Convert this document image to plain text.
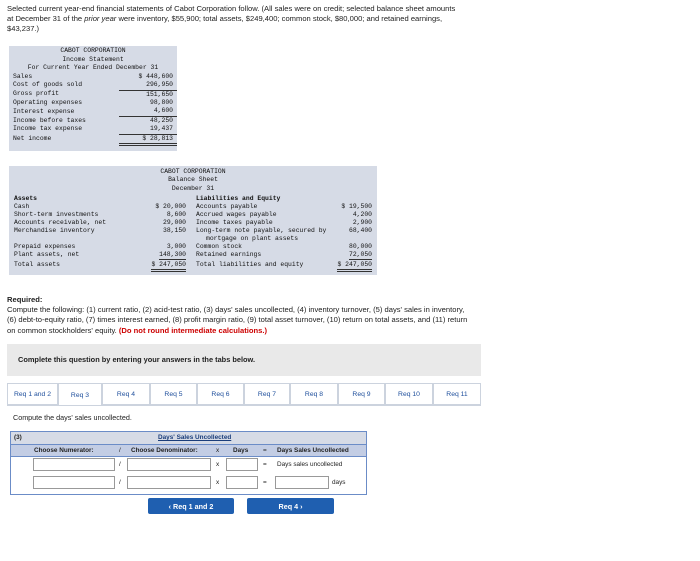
Selected current year-end financial statements of Cabot Corporation follow. (All sales were on credit; selected balance sheet amounts
at December 31 of the prior year were inventory, $55,900; total assets, $249,400; common stock, $80,000; and retained earnings,
$43,237.)
CABOT CORPORATION
Income Statement
For Current Year Ended December 31
Sales	$ 448,600
Cost of goods sold	296,950
Gross profit	151,650
Operating expenses	98,800
Interest expense	4,600
Income before taxes	48,250
Income tax expense	19,437
Net income	$ 28,813
CABOT CORPORATION
Balance Sheet
December 31
Assets	Liabilities and Equity
Cash	$ 20,000 Accounts payable	$ 19,500
Short-term investments	8,600 Accrued wages payable	4,200
Accounts receivable, net	29,000 Income taxes payable	2,900
Merchandise inventory	38,150 Long-term note payable, secured by	68,400
mortgage on plant assets
Prepaid expenses	3,000 Common stock	80,000
Plant assets, net	148,300 Retained earnings	72,050
Total assets	$ 247,050 Total liabilities and equity	$ 247,050
Required:
Compute the following: (1) current ratio, (2) acid-test ratio, (3) days' sales uncollected, (4) inventory turnover, (5) days' sales in inventory,
(6) debt-to-equity ratio, (7) times interest earned, (8) profit margin ratio, (9) total asset turnover, (10) return on total assets, and (11) return
on common stockholders' equity. (Do not round intermediate calculations.)
Complete this question by entering your answers in the tabs below.
Req 1 and 2	Req 3	Req 4	Req 5	Req 6	Req 7	Req 8	Req 9	Req 10	Req 11
Compute the days' sales uncollected.
(3)	Days' Sales Uncollected
Choose Numerator:	/ Choose Denominator:	x Days = Days Sales Uncollected
/	x	= Days sales uncollected
/	x	=	days
‹ Req 1 and 2	Req 4 ›
